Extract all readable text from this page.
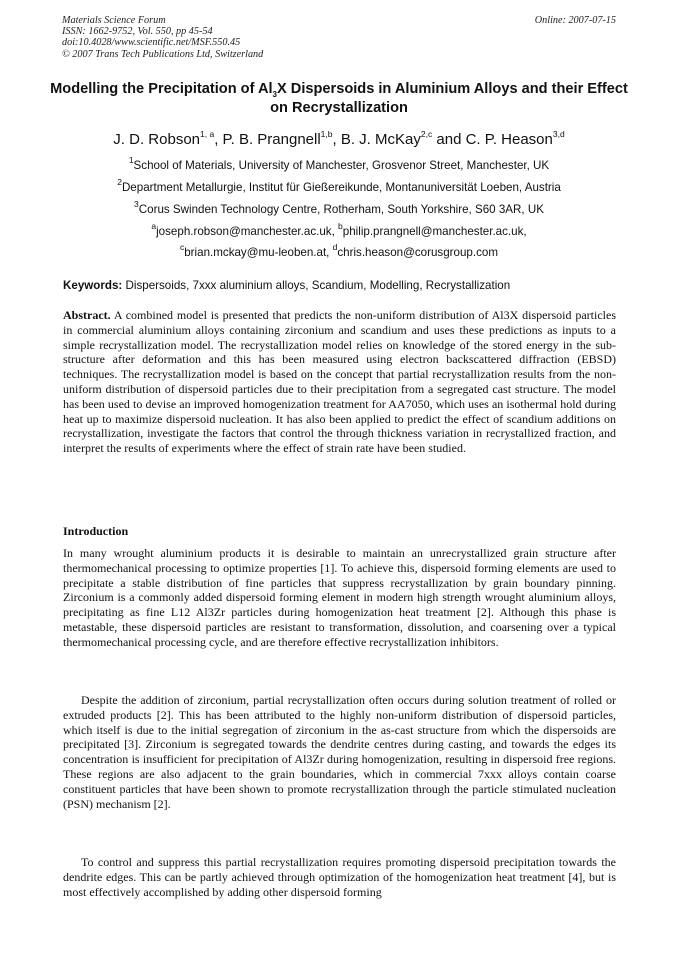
Materials Science Forum
ISSN: 1662-9752, Vol. 550, pp 45-54
doi:10.4028/www.scientific.net/MSF.550.45
© 2007 Trans Tech Publications Ltd, Switzerland
Online: 2007-07-15
Modelling the Precipitation of $Al_3X$ Dispersoids in Aluminium Alloys and their Effect on Recrystallization
J. D. Robson$^{1, a}$, P. B. Prangnell$^{1,b}$, B. J. McKay$^{2,c}$ and C. P. Heason$^{3,d}$
$^1$School of Materials, University of Manchester, Grosvenor Street, Manchester, UK
$^2$Department Metallurgie, Institut für Gießereikunde, Montanuniversität Loeben, Austria
$^3$Corus Swinden Technology Centre, Rotherham, South Yorkshire, S60 3AR, UK
$^a$joseph.robson@manchester.ac.uk, $^b$philip.prangnell@manchester.ac.uk,
$^c$brian.mckay@mu-leoben.at, $^d$chris.heason@corusgroup.com
Keywords: Dispersoids, 7xxx aluminium alloys, Scandium, Modelling, Recrystallization
Abstract. A combined model is presented that predicts the non-uniform distribution of Al3X dispersoid particles in commercial aluminium alloys containing zirconium and scandium and uses these predictions as inputs to a simple recrystallization model. The recrystallization model relies on knowledge of the stored energy in the sub-structure after deformation and this has been measured using electron backscattered diffraction (EBSD) techniques. The recrystallization model is based on the concept that partial recrystallization results from the non-uniform distribution of dispersoid particles due to their precipitation from a segregated cast structure. The model has been used to devise an improved homogenization treatment for AA7050, which uses an isothermal hold during heat up to maximize dispersoid nucleation. It has also been applied to predict the effect of scandium additions on recrystallization, investigate the factors that control the through thickness variation in recrystallized fraction, and interpret the results of experiments where the effect of strain rate have been studied.
Introduction
In many wrought aluminium products it is desirable to maintain an unrecrystallized grain structure after thermomechanical processing to optimize properties [1]. To achieve this, dispersoid forming elements are used to precipitate a stable distribution of fine particles that suppress recrystallization by grain boundary pinning. Zirconium is a commonly added dispersoid forming element in modern high strength wrought aluminium alloys, precipitating as fine L12 Al3Zr particles during homogenization heat treatment [2]. Although this phase is metastable, these dispersoid particles are resistant to transformation, dissolution, and coarsening over a typical thermomechanical processing cycle, and are therefore effective recrystallization inhibitors.
Despite the addition of zirconium, partial recrystallization often occurs during solution treatment of rolled or extruded products [2]. This has been attributed to the highly non-uniform distribution of dispersoid particles, which itself is due to the initial segregation of zirconium in the as-cast structure from which the dispersoids are precipitated [3]. Zirconium is segregated towards the dendrite centres during casting, and towards the edges its concentration is insufficient for precipitation of Al3Zr during homogenization, resulting in dispersoid free regions. These regions are also adjacent to the grain boundaries, which in commercial 7xxx alloys contain coarse constituent particles that have been shown to promote recrystallization through the particle stimulated nucleation (PSN) mechanism [2].
To control and suppress this partial recrystallization requires promoting dispersoid precipitation towards the dendrite edges. This can be partly achieved through optimization of the homogenization heat treatment [4], but is most effectively accomplished by adding other dispersoid forming
